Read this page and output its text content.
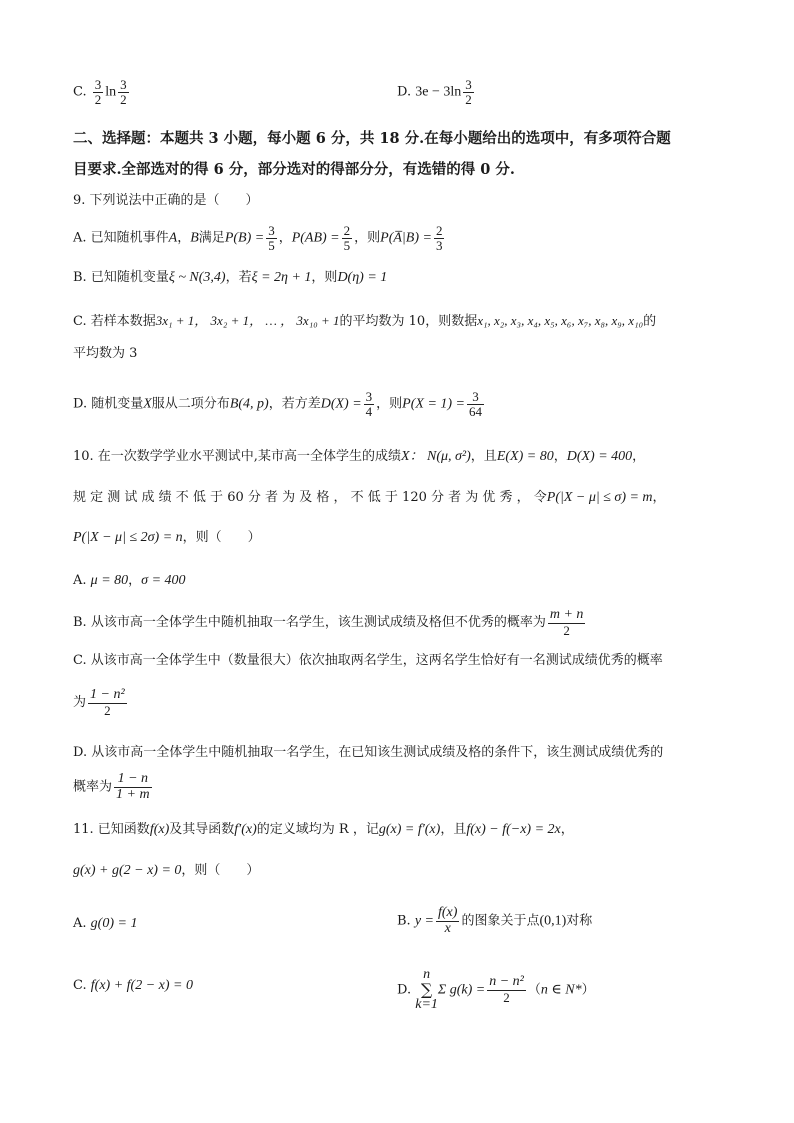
C. $\frac{3}{2}$ $\ln \frac{3}{2}$	D. $3e - 3\ln \frac{3}{2}$
二、选择题：本题共 3 小题，每小题 6 分，共 18 分.在每小题给出的选项中，有多项符合题
目要求.全部选对的得 6 分，部分选对的得部分分，有选错的得 0 分.
9. 下列说法中正确的是（　　）
A. 已知随机事件A，B满足$P(B) = \frac{3}{5}$ ，$P(AB) = \frac{2}{5}$ ，则P(A̅|B) = $\frac{2}{3}$
B. 已知随机变量ξ ~ N(3,4)，若ξ = 2η + 1，则D(η) = 1
C. 若样本数据3x₁ + 1， 3x₂ + 1， … ， 3x₁₀ + 1的平均数为 10，则数据x₁, x₂, x₃, x₄, x₅, x₆, x₇, x₈, x₉, x₁₀的
平均数为 3
D. 随机变量X服从二项分布B(4, p)，若方差$D(X) = \frac{3}{4}$ ，则$P(X = 1) = \frac{3}{64}$
10. 在一次数学学业水平测试中,某市高一全体学生的成绩X： N(μ, σ²)，且E(X) = 80，D(X) = 400，
规 定 测 试 成 绩 不 低 于 60 分 者 为 及 格 ， 不 低 于 120 分 者 为 优 秀 ， 令P(|X − μ| ≤ σ) = m，
P(|X − μ| ≤ 2σ) = n，则（　　）
A. μ = 80，σ = 400
B. 从该市高一全体学生中随机抽取一名学生，该生测试成绩及格但不优秀的概率为 $\frac{m + n}{2}$
C. 从该市高一全体学生中（数量很大）依次抽取两名学生，这两名学生恰好有一名测试成绩优秀的概率
为 $\frac{\text{1 − n²}}{2}$
D. 从该市高一全体学生中随机抽取一名学生，在已知该生测试成绩及格的条件下，该生测试成绩优秀的
概率为 $\frac{1 - n}{1 + m}$
11. 已知函数f(x)及其导函数f′(x)的定义域均为 R ，记g(x) = f′(x)，且f(x) − f(−x) = 2x，
g(x) + g(2 − x) = 0，则（　　）
A. g(0) = 1	B. $y = \frac{f(x)}{x}$ 的图象关于点(0,1)对称
C. f(x) + f(2 − x) = 0	D.
n
∑
k=1
Σ $g(k) = \frac{\text{n − n²}}{2} (n$ ∈ N*）
